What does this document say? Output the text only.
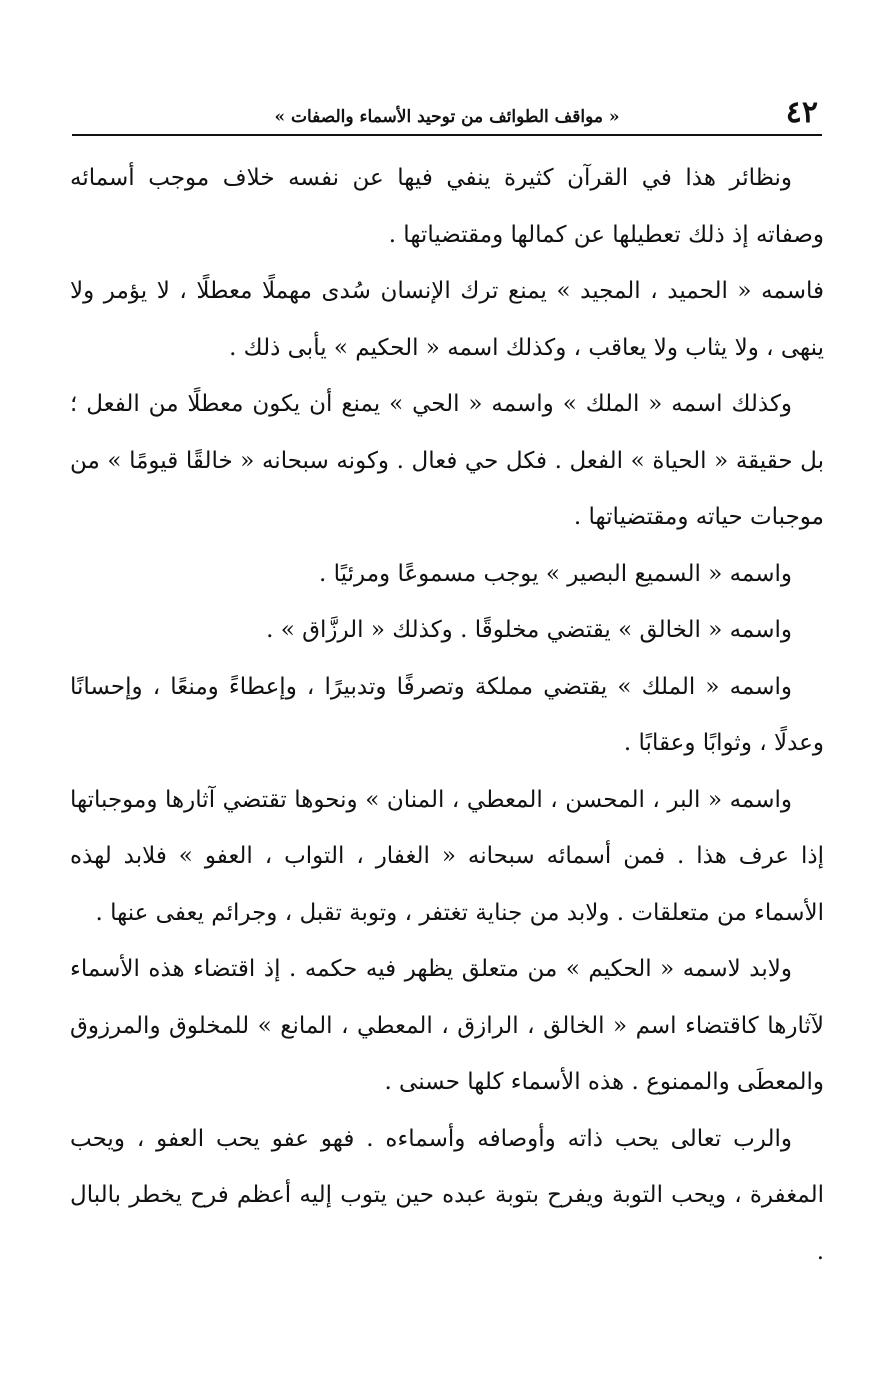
٤٢
« مواقف الطوائف من توحيد الأسماء والصفات »

ونظائر هذا في القرآن كثيرة ينفي فيها عن نفسه خلاف موجب أسمائه وصفاته إذ ذلك تعطيلها عن كمالها ومقتضياتها .

فاسمه « الحميد ، المجيد » يمنع ترك الإنسان سُدى مهملًا معطلًا ، لا يؤمر ولا ينهى ، ولا يثاب ولا يعاقب ، وكذلك اسمه « الحكيم » يأبى ذلك .

وكذلك اسمه « الملك » واسمه « الحي » يمنع أن يكون معطلًا من الفعل ؛ بل حقيقة « الحياة » الفعل . فكل حي فعال . وكونه سبحانه « خالقًا قيومًا » من موجبات حياته ومقتضياتها .

واسمه « السميع البصير » يوجب مسموعًا ومرئيًا .

واسمه « الخالق » يقتضي مخلوقًا . وكذلك « الرزَّاق » .

واسمه « الملك » يقتضي مملكة وتصرفًا وتدبيرًا ، وإعطاءً ومنعًا ، وإحسانًا وعدلًا ، وثوابًا وعقابًا .

واسمه « البر ، المحسن ، المعطي ، المنان » ونحوها تقتضي آثارها وموجباتها إذا عرف هذا . فمن أسمائه سبحانه « الغفار ، التواب ، العفو » فلابد لهذه الأسماء من متعلقات . ولابد من جناية تغتفر ، وتوبة تقبل ، وجرائم يعفى عنها .

ولابد لاسمه « الحكيم » من متعلق يظهر فيه حكمه . إذ اقتضاء هذه الأسماء لآثارها كاقتضاء اسم « الخالق ، الرازق ، المعطي ، المانع » للمخلوق والمرزوق والمعطَى والممنوع . هذه الأسماء كلها حسنى .

والرب تعالى يحب ذاته وأوصافه وأسماءه . فهو عفو يحب العفو ، ويحب المغفرة ، ويحب التوبة ويفرح بتوبة عبده حين يتوب إليه أعظم فرح يخطر بالبال .
